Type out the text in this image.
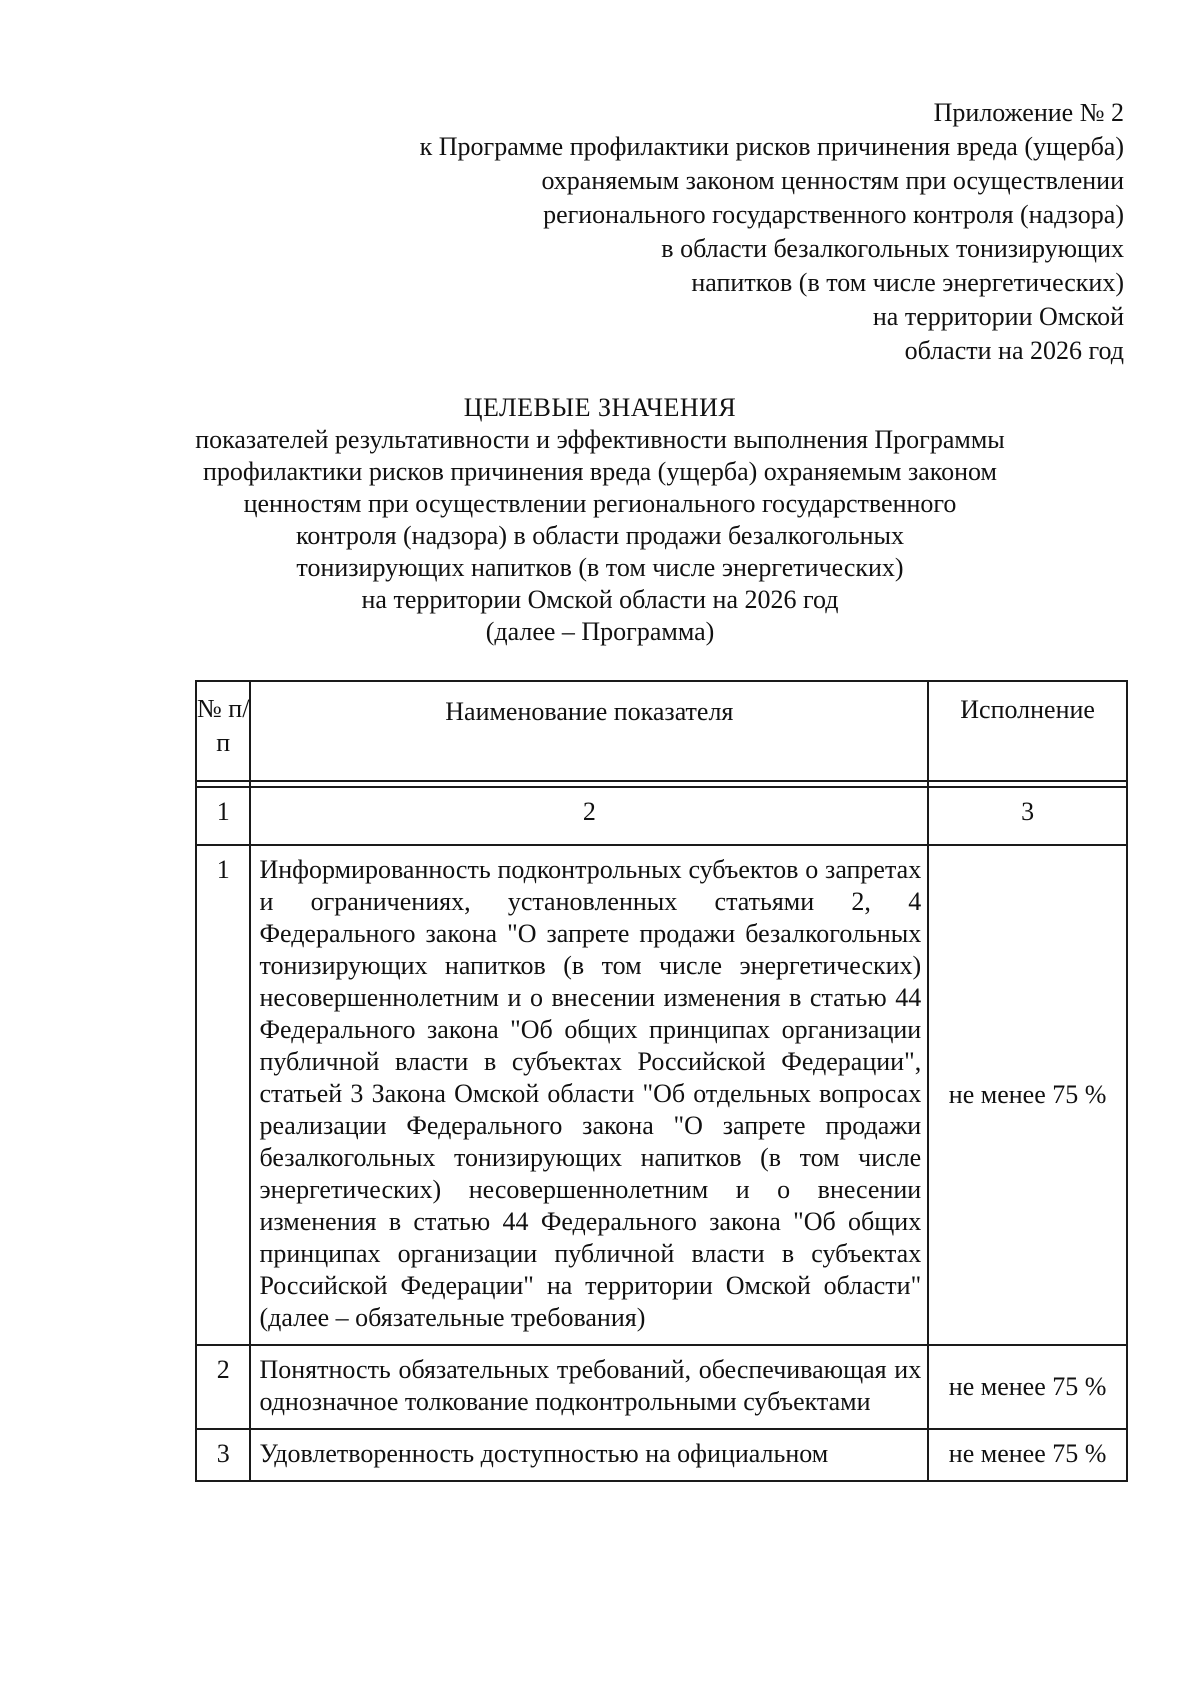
Приложение № 2
к Программе профилактики рисков причинения вреда (ущерба)
охраняемым законом ценностям при осуществлении
регионального государственного контроля (надзора)
в области безалкогольных тонизирующих
напитков (в том числе энергетических)
на территории Омской
области на 2026 год
ЦЕЛЕВЫЕ ЗНАЧЕНИЯ
показателей результативности и эффективности выполнения Программы
профилактики рисков причинения вреда (ущерба) охраняемым законом
ценностям при осуществлении регионального государственного
контроля (надзора) в области продажи безалкогольных
тонизирующих напитков (в том числе энергетических)
на территории Омской области на 2026 год
(далее – Программа)
№ п/п	Наименование показателя	Исполнение

1	2	3
1	Информированность подконтрольных субъектов о запретах и ограничениях, установленных статьями 2, 4 Федерального закона "О запрете продажи безалкогольных тонизирующих напитков (в том числе энергетических) несовершеннолетним и о внесении изменения в статью 44 Федерального закона "Об общих принципах организации публичной власти в субъектах Российской Федерации", статьей 3 Закона Омской области "Об отдельных вопросах реализации Федерального закона "О запрете продажи безалкогольных тонизирующих напитков (в том числе энергетических) несовершеннолетним и о внесении изменения в статью 44 Федерального закона "Об общих принципах организации публичной власти в субъектах Российской Федерации" на территории Омской области" (далее – обязательные требования)	не менее 75 %
2	Понятность обязательных требований, обеспечивающая их однозначное толкование подконтрольными субъектами	не менее 75 %
3	Удовлетворенность доступностью на официальном	не менее 75 %
